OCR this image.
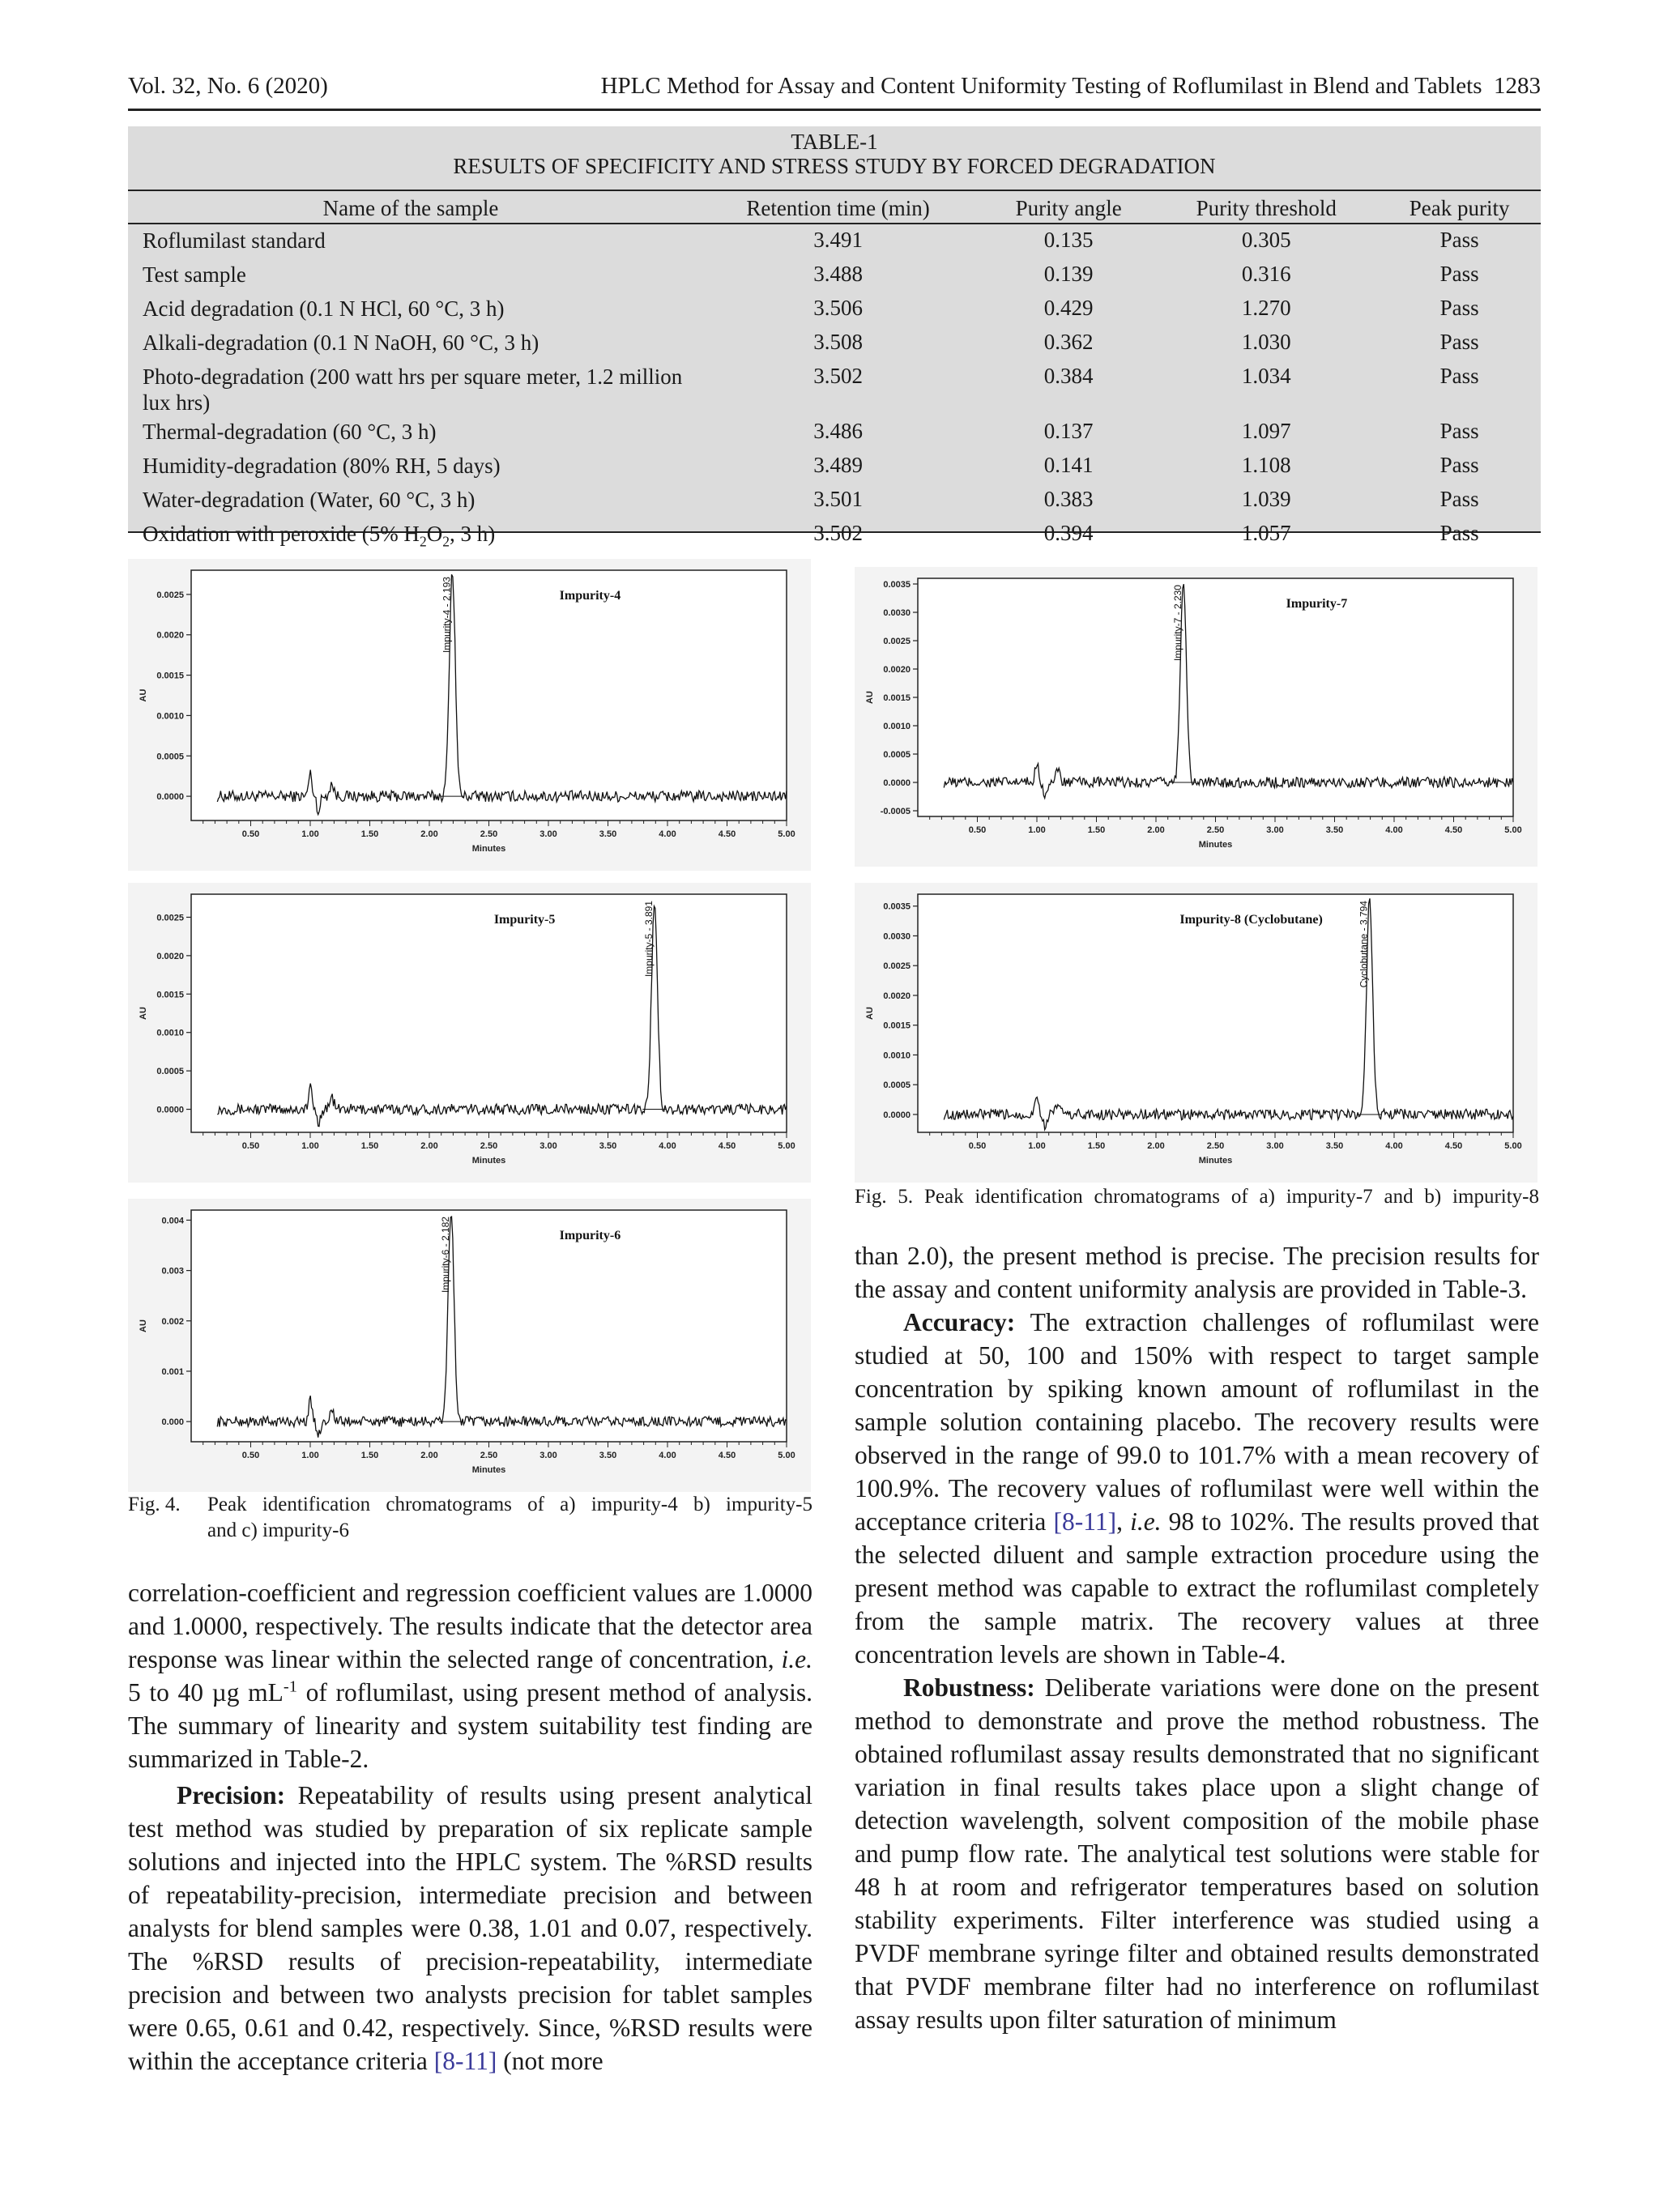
Vol. 32, No. 6 (2020)	HPLC Method for Assay and Content Uniformity Testing of Roflumilast in Blend and Tablets 1283
TABLE-1
RESULTS OF SPECIFICITY AND STRESS STUDY BY FORCED DEGRADATION
Name of the sample	Retention time (min)	Purity angle	Purity threshold	Peak purity
Roflumilast standard	3.491	0.135	0.305	Pass
Test sample	3.488	0.139	0.316	Pass
Acid degradation (0.1 N HCl, 60 °C, 3 h)	3.506	0.429	1.270	Pass
Alkali-degradation (0.1 N NaOH, 60 °C, 3 h)	3.508	0.362	1.030	Pass
Photo-degradation (200 watt hrs per square meter, 1.2 million lux hrs)	3.502	0.384	1.034	Pass
Thermal-degradation (60 °C, 3 h)	3.486	0.137	1.097	Pass
Humidity-degradation (80% RH, 5 days)	3.489	0.141	1.108	Pass
Water-degradation (Water, 60 °C, 3 h)	3.501	0.383	1.039	Pass
Oxidation with peroxide (5% $H_2O_2$, 3 h)	3.502	0.394	1.057	Pass
0.0000
0.0005
0.0010
0.0015
0.0020
0.0025
0.50	1.00	1.50	2.00	2.50	3.00	3.50	4.00	4.50	5.00
Minutes
AU
Impurity-4 - 2.193	Impurity-4
0.0000
0.0005
0.0010
0.0015
0.0020
0.0025
0.50	1.00	1.50	2.00	2.50	3.00	3.50	4.00	4.50	5.00
Minutes
AU
Impurity-5 - 3.891
Impurity-5
0.000
0.001
0.002
0.003
0.004
0.50	1.00	1.50	2.00	2.50	3.00	3.50	4.00	4.50	5.00
Minutes
AU
Impurity-6 - 2.182	Impurity-6
-0.0005
0.0000
0.0005
0.0010
0.0015
0.0020
0.0025
0.0030
0.0035
0.50	1.00	1.50	2.00	2.50	3.00	3.50	4.00	4.50	5.00
Minutes
AU
Impurity-7 - 2.230	Impurity-7
0.0000
0.0005
0.0010
0.0015
0.0020
0.0025
0.0030
0.0035
0.50	1.00	1.50	2.00	2.50	3.00	3.50	4.00	4.50	5.00
Minutes
AU
Cyclobutane - 3.794
Impurity-8 (Cyclobutane)
Fig. 4.	Peak identification chromatograms of a) impurity-4 b) impurity-5
and c) impurity-6
Fig. 5. Peak identification chromatograms of a) impurity-7 and b) impurity-8

correlation-coefficient and regression coefficient values are 1.0000 and 1.0000, respectively. The results indicate that the detector area response was linear within the selected range of concentration, i.e. 5 to 40 µg $mL^{-1}$ of roflumilast, using present method of analysis. The summary of linearity and system suitability test finding are summarized in Table-2.

Precision: Repeatability of results using present analytical test method was studied by preparation of six replicate sample solutions and injected into the HPLC system. The %RSD results of repeatability-precision, intermediate precision and between analysts for blend samples were 0.38, 1.01 and 0.07, respectively. The %RSD results of precision-repeatability, intermediate precision and between two analysts precision for tablet samples were 0.65, 0.61 and 0.42, respectively. Since, %RSD results were within the acceptance criteria [8-11] (not more

than 2.0), the present method is precise. The precision results for the assay and content uniformity analysis are provided in Table-3.

Accuracy: The extraction challenges of roflumilast were studied at 50, 100 and 150% with respect to target sample concentration by spiking known amount of roflumilast in the sample solution containing placebo. The recovery results were observed in the range of 99.0 to 101.7% with a mean recovery of 100.9%. The recovery values of roflumilast were well within the acceptance criteria [8-11], i.e. 98 to 102%. The results proved that the selected diluent and sample extraction procedure using the present method was capable to extract the roflumilast completely from the sample matrix. The recovery values at three concentration levels are shown in Table-4.

Robustness: Deliberate variations were done on the present method to demonstrate and prove the method robustness. The obtained roflumilast assay results demonstrated that no significant variation in final results takes place upon a slight change of detection wavelength, solvent composition of the mobile phase and pump flow rate. The analytical test solutions were stable for 48 h at room and refrigerator temperatures based on solution stability experiments. Filter interference was studied using a PVDF membrane syringe filter and obtained results demonstrated that PVDF membrane filter had no interference on roflumilast assay results upon filter saturation of minimum
